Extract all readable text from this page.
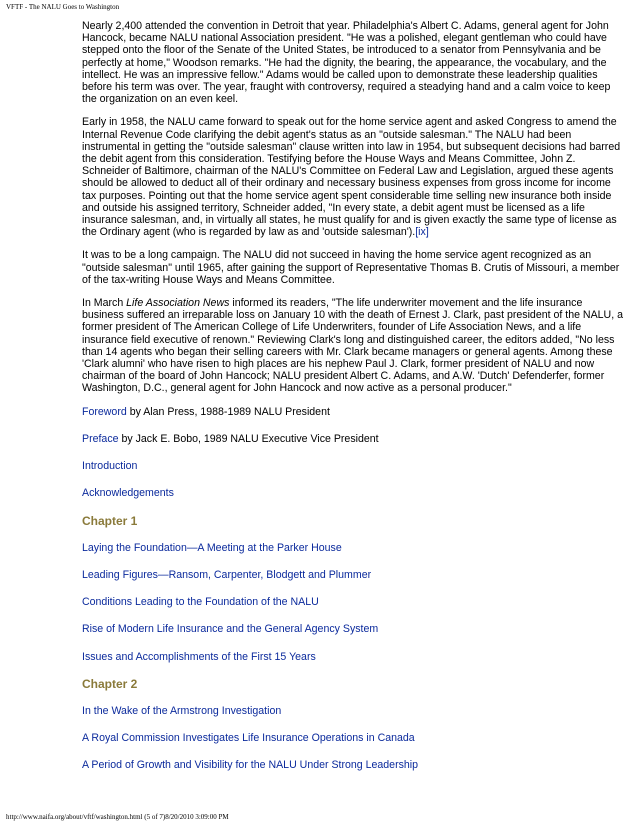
VFTF - The NALU Goes to Washington

Nearly 2,400 attended the convention in Detroit that year. Philadelphia's Albert C. Adams, general agent for John Hancock, became NALU national Association president. "He was a polished, elegant gentleman who could have stepped onto the floor of the Senate of the United States, be introduced to a senator from Pennsylvania and be perfectly at home," Woodson remarks. "He had the dignity, the bearing, the appearance, the vocabulary, and the intellect. He was an impressive fellow." Adams would be called upon to demonstrate these leadership qualities before his term was over. The year, fraught with controversy, required a steadying hand and a calm voice to keep the organization on an even keel.

Early in 1958, the NALU came forward to speak out for the home service agent and asked Congress to amend the Internal Revenue Code clarifying the debit agent's status as an "outside salesman." The NALU had been instrumental in getting the "outside salesman" clause written into law in 1954, but subsequent decisions had barred the debit agent from this consideration. Testifying before the House Ways and Means Committee, John Z. Schneider of Baltimore, chairman of the NALU's Committee on Federal Law and Legislation, argued these agents should be allowed to deduct all of their ordinary and necessary business expenses from gross income for income tax purposes. Pointing out that the home service agent spent considerable time selling new insurance both inside and outside his assigned territory, Schneider added, "In every state, a debit agent must be licensed as a life insurance salesman, and, in virtually all states, he must qualify for and is given exactly the same type of license as the Ordinary agent (who is regarded by law as and 'outside salesman').[ix]

It was to be a long campaign. The NALU did not succeed in having the home service agent recognized as an "outside salesman" until 1965, after gaining the support of Representative Thomas B. Crutis of Missouri, a member of the tax-writing House Ways and Means Committee.

In March Life Association News informed its readers, "The life underwriter movement and the life insurance business suffered an irreparable loss on January 10 with the death of Ernest J. Clark, past president of the NALU, a former president of The American College of Life Underwriters, founder of Life Association News, and a life insurance field executive of renown." Reviewing Clark's long and distinguished career, the editors added, "No less than 14 agents who began their selling careers with Mr. Clark became managers or general agents. Among these 'Clark alumni' who have risen to high places are his nephew Paul J. Clark, former president of NALU and now chairman of the board of John Hancock; NALU president Albert C. Adams, and A.W. 'Dutch' Defenderfer, former Washington, D.C., general agent for John Hancock and now active as a personal producer."

Foreword by Alan Press, 1988-1989 NALU President

Preface by Jack E. Bobo, 1989 NALU Executive Vice President

Introduction

Acknowledgements

Chapter 1

Laying the Foundation—A Meeting at the Parker House

Leading Figures—Ransom, Carpenter, Blodgett and Plummer

Conditions Leading to the Foundation of the NALU

Rise of Modern Life Insurance and the General Agency System

Issues and Accomplishments of the First 15 Years

Chapter 2

In the Wake of the Armstrong Investigation

A Royal Commission Investigates Life Insurance Operations in Canada

A Period of Growth and Visibility for the NALU Under Strong Leadership

http://www.naifa.org/about/vftf/washington.html (5 of 7)8/20/2010 3:09:00 PM
